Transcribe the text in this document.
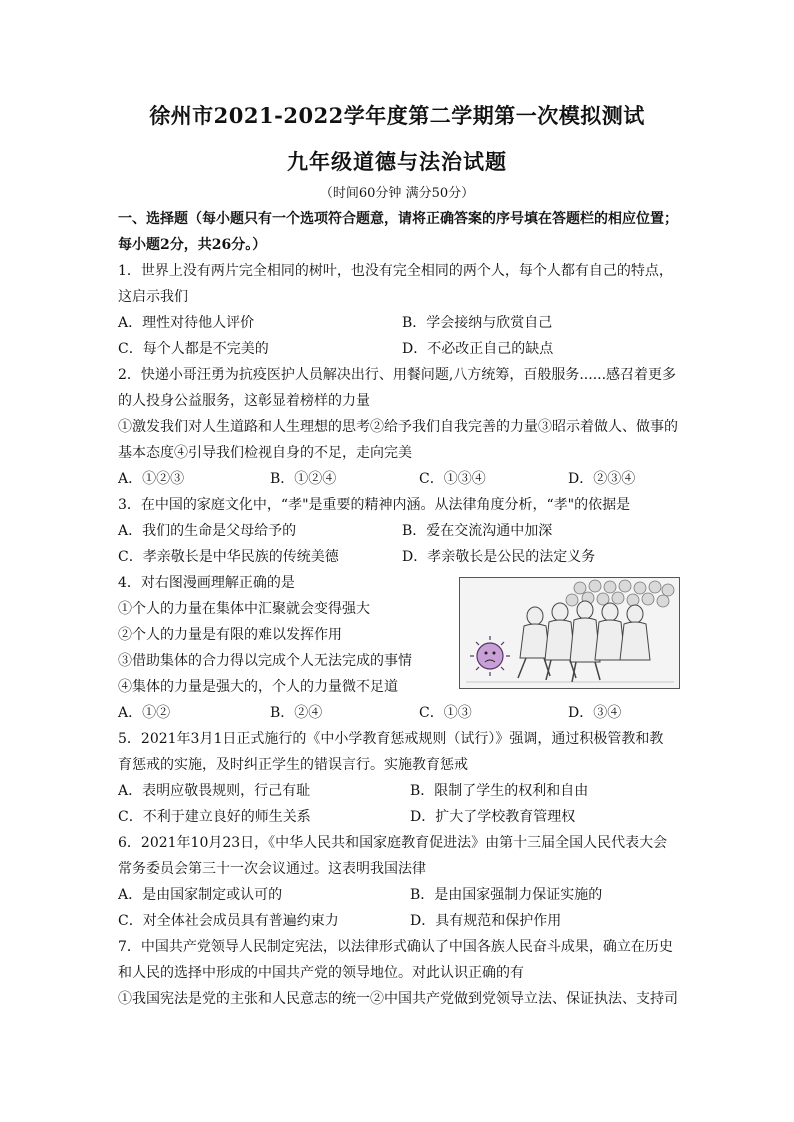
徐州市2021-2022学年度第二学期第一次模拟测试
九年级道德与法治试题
（时间60分钟 满分50分）
一、选择题（每小题只有一个选项符合题意，请将正确答案的序号填在答题栏的相应位置；
每小题2分，共26分。）
1．世界上没有两片完全相同的树叶，也没有完全相同的两个人，每个人都有自己的特点，
这启示我们
A．理性对待他人评价	B．学会接纳与欣赏自己
C．每个人都是不完美的	D．不必改正自己的缺点
2．快递小哥汪勇为抗疫医护人员解决出行、用餐问题,八方统筹，百般服务......感召着更多
的人投身公益服务，这彰显着榜样的力量
①激发我们对人生道路和人生理想的思考②给予我们自我完善的力量③昭示着做人、做事的
基本态度④引导我们检视自身的不足，走向完美
A．①②③	B．①②④	C．①③④	D．②③④
3．在中国的家庭文化中，“孝"是重要的精神内涵。从法律角度分析，“孝"的依据是
A．我们的生命是父母给予的	B．爱在交流沟通中加深
C．孝亲敬长是中华民族的传统美德	D．孝亲敬长是公民的法定义务
4．对右图漫画理解正确的是
①个人的力量在集体中汇聚就会变得强大
②个人的力量是有限的难以发挥作用
③借助集体的合力得以完成个人无法完成的事情
④集体的力量是强大的，个人的力量微不足道
A．①②	B．②④	C．①③	D．③④
5．2021年3月1日正式施行的《中小学教育惩戒规则（试行）》强调，通过积极管教和教
育惩戒的实施，及时纠正学生的错误言行。实施教育惩戒
A．表明应敬畏规则，行己有耻	B．限制了学生的权利和自由
C．不利于建立良好的师生关系	D．扩大了学校教育管理权
6．2021年10月23日，《中华人民共和国家庭教育促进法》由第十三届全国人民代表大会
常务委员会第三十一次会议通过。这表明我国法律
A．是由国家制定或认可的	B．是由国家强制力保证实施的
C．对全体社会成员具有普遍约束力	D．具有规范和保护作用
7．中国共产党领导人民制定宪法，以法律形式确认了中国各族人民奋斗成果，确立在历史
和人民的选择中形成的中国共产党的领导地位。对此认识正确的有
①我国宪法是党的主张和人民意志的统一②中国共产党做到党领导立法、保证执法、支持司
